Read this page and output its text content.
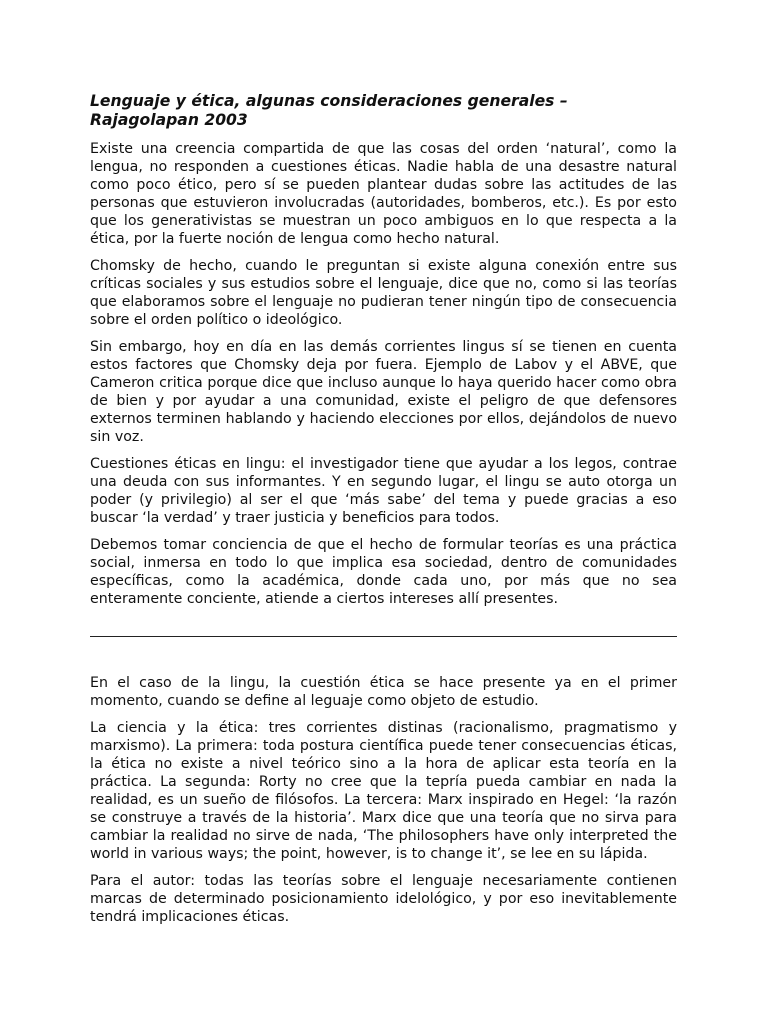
Lenguaje y ética, algunas consideraciones generales – Rajagolapan 2003

Existe una creencia compartida de que las cosas del orden ‘natural’, como la lengua, no responden a cuestiones éticas. Nadie habla de una desastre natural como poco ético, pero sí se pueden plantear dudas sobre las actitudes de las personas que estuvieron involucradas (autoridades, bomberos, etc.). Es por esto que los generativistas se muestran un poco ambiguos en lo que respecta a la ética, por la fuerte noción de lengua como hecho natural.

Chomsky de hecho, cuando le preguntan si existe alguna conexión entre sus críticas sociales y sus estudios sobre el lenguaje, dice que no, como si las teorías que elaboramos sobre el lenguaje no pudieran tener ningún tipo de consecuencia sobre el orden político o ideológico.

Sin embargo, hoy en día en las demás corrientes lingus sí se tienen en cuenta estos factores que Chomsky deja por fuera. Ejemplo de Labov y el ABVE, que Cameron critica porque dice que incluso aunque lo haya querido hacer como obra de bien y por ayudar a una comunidad, existe el peligro de que defensores externos terminen hablando y haciendo elecciones por ellos, dejándolos de nuevo sin voz.

Cuestiones éticas en lingu: el investigador tiene que ayudar a los legos, contrae una deuda con sus informantes. Y en segundo lugar, el lingu se auto otorga un poder (y privilegio) al ser el que ‘más sabe’ del tema y puede gracias a eso buscar ‘la verdad’ y traer justicia y beneficios para todos.

Debemos tomar conciencia de que el hecho de formular teorías es una práctica social, inmersa en todo lo que implica esa sociedad, dentro de comunidades específicas, como la académica, donde cada uno, por más que no sea enteramente conciente, atiende a ciertos intereses allí presentes.

En el caso de la lingu, la cuestión ética se hace presente ya en el primer momento, cuando se define al leguaje como objeto de estudio.

La ciencia y la ética: tres corrientes distinas (racionalismo, pragmatismo y marxismo). La primera: toda postura científica puede tener consecuencias éticas, la ética no existe a nivel teórico sino a la hora de aplicar esta teoría en la práctica. La segunda: Rorty no cree que la tepría pueda cambiar en nada la realidad, es un sueño de filósofos. La tercera: Marx inspirado en Hegel: ‘la razón se construye a través de la historia’. Marx dice que una teoría que no sirva para cambiar la realidad no sirve de nada, ‘The philosophers have only interpreted the world in various ways; the point, however, is to change it’, se lee en su lápida.

Para el autor: todas las teorías sobre el lenguaje necesariamente contienen marcas de determinado posicionamiento idelológico, y por eso inevitablemente tendrá implicaciones éticas.
